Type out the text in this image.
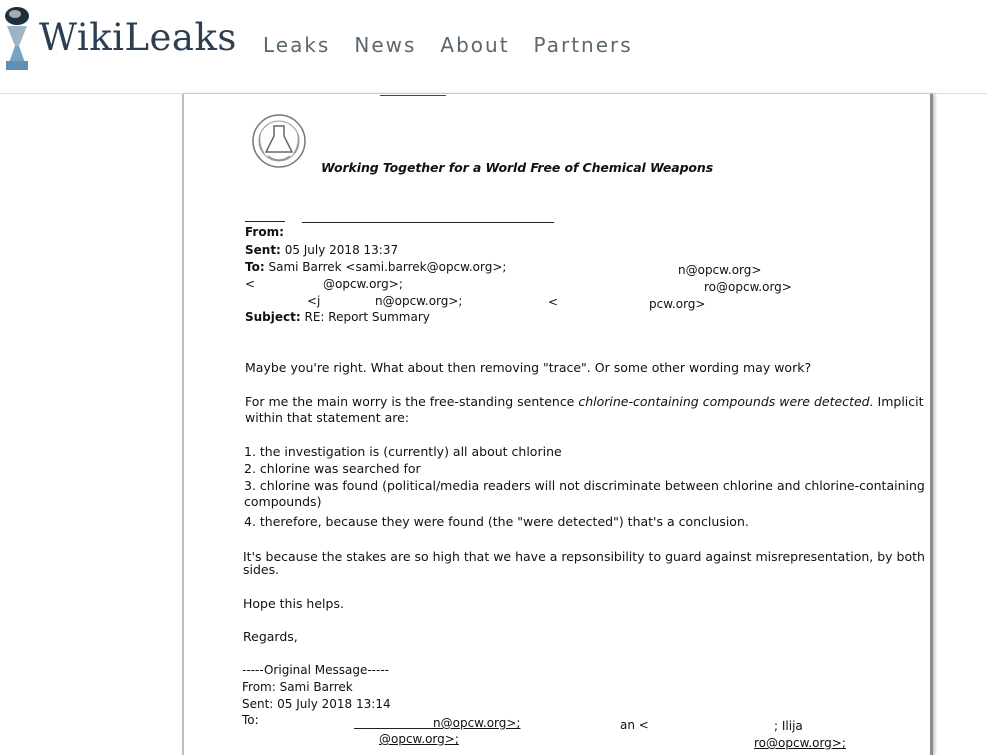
WikiLeaks Leaks News About Partners
Working Together for a World Free of Chemical Weapons
From:
Sent: 05 July 2018 13:37
To: Sami Barrek <sami.barrek@opcw.org>;	n@opcw.org>
<	@opcw.org>;	ro@opcw.org>
<j	n@opcw.org>;	<	pcw.org>
Subject: RE: Report Summary
Maybe you're right. What about then removing "trace". Or some other wording may work?
For me the main worry is the free-standing sentence chlorine-containing compounds were detected. Implicit
within that statement are:
1. the investigation is (currently) all about chlorine
2. chlorine was searched for
3. chlorine was found (political/media readers will not discriminate between chlorine and chlorine-containing
compounds)
4. therefore, because they were found (the "were detected") that's a conclusion.
It's because the stakes are so high that we have a repsonsibility to guard against misrepresentation, by both
sides.
Hope this helps.
Regards,
-----Original Message-----
From: Sami Barrek
Sent: 05 July 2018 13:14
To:	n@opcw.org>;	an <	; Ilija
@opcw.org>;	ro@opcw.org>;
